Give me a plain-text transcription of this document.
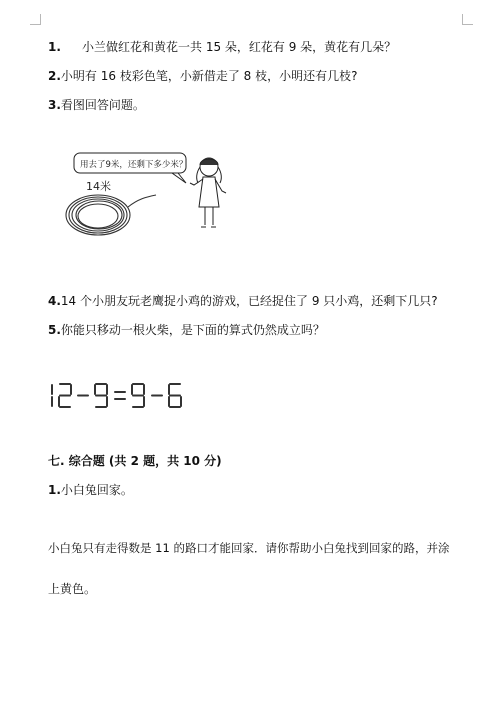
1. 小兰做红花和黄花一共 15 朵，红花有 9 朵，黄花有几朵？
2.小明有 16 枝彩色笔，小新借走了 8 枝，小明还有几枝?
3.看图回答问题。
用去了9米，还剩下多少米？
14米
4.14 个小朋友玩老鹰捉小鸡的游戏，已经捉住了 9 只小鸡，还剩下几只?
5.你能只移动一根火柴，是下面的算式仍然成立吗？
七. 综合题 (共 2 题，共 10 分)
1.小白兔回家。
小白兔只有走得数是 11 的路口才能回家．请你帮助小白兔找到回家的路，并涂
上黄色。
